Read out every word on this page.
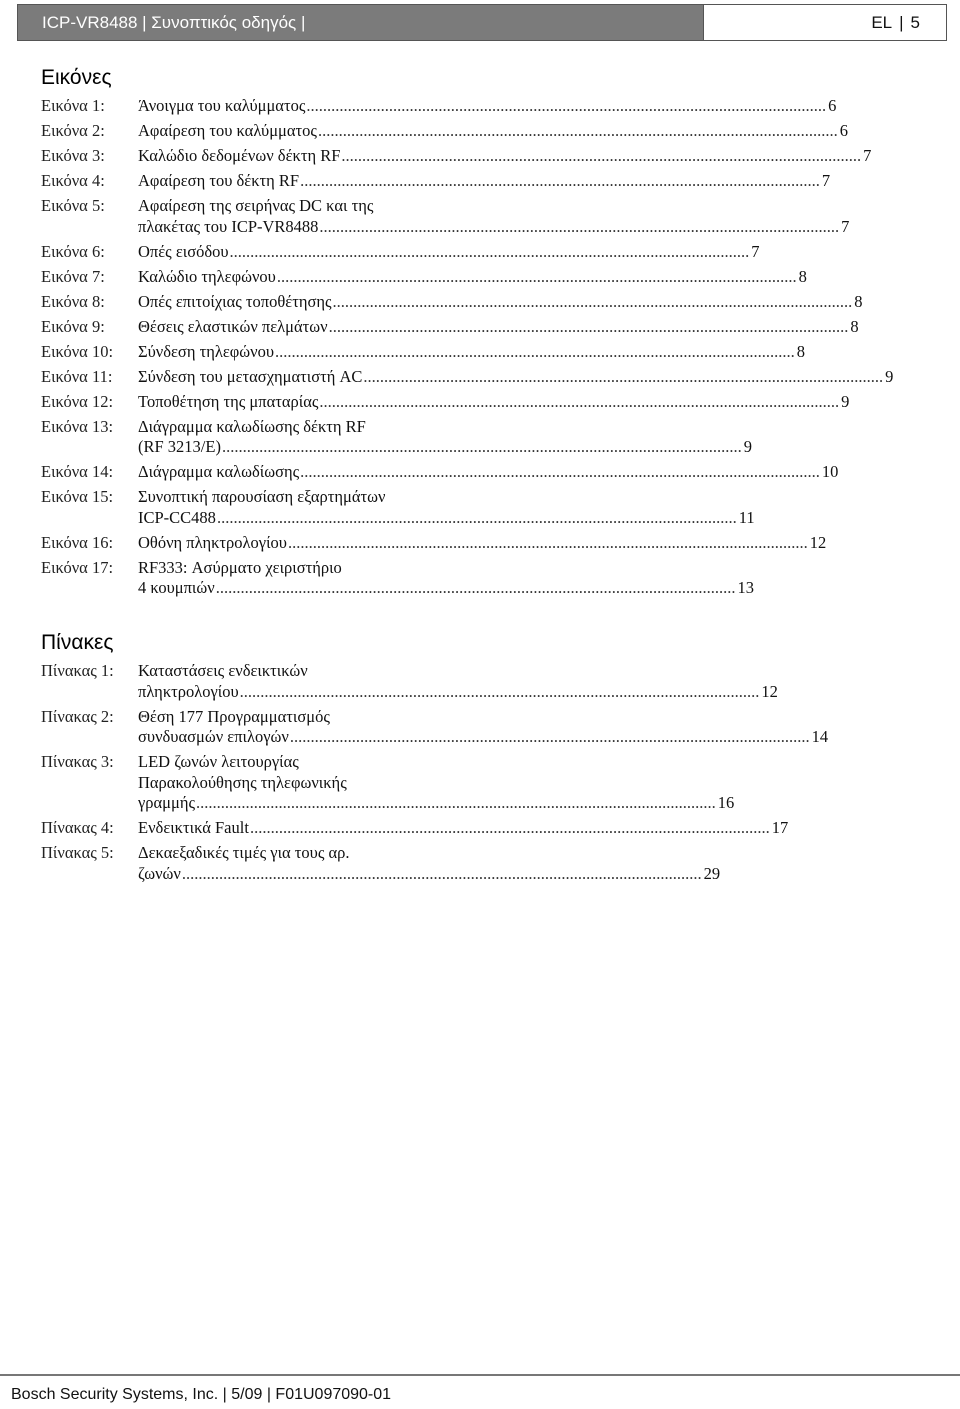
ICP-VR8488 | Συνοπτικός οδηγός |	EL | 5
Εικόνες
Εικόνα 1:	Άνοιγμα του καλύμματος .....	6
Εικόνα 2:	Αφαίρεση του καλύμματος .....	6
Εικόνα 3:	Καλώδιο δεδομένων δέκτη RF .....	7
Εικόνα 4:	Αφαίρεση του δέκτη RF .....	7
Εικόνα 5:	Αφαίρεση της σειρήνας DC και της
πλακέτας του ICP-VR8488 .....	7
Εικόνα 6:	Οπές εισόδου .....	7
Εικόνα 7:	Καλώδιο τηλεφώνου .....	8
Εικόνα 8:	Οπές επιτοίχιας τοποθέτησης .....	8
Εικόνα 9:	Θέσεις ελαστικών πελμάτων .....	8
Εικόνα 10:	Σύνδεση τηλεφώνου .....	8
Εικόνα 11:	Σύνδεση του μετασχηματιστή AC .....	9
Εικόνα 12:	Τοποθέτηση της μπαταρίας .....	9
Εικόνα 13:	Διάγραμμα καλωδίωσης δέκτη RF
(RF 3213/E) .....	9
Εικόνα 14:	Διάγραμμα καλωδίωσης .....	10
Εικόνα 15:	Συνοπτική παρουσίαση εξαρτημάτων
ICP-CC488 .....	11
Εικόνα 16:	Οθόνη πληκτρολογίου .....	12
Εικόνα 17:	RF333: Ασύρματο χειριστήριο
4 κουμπιών .....	13
Πίνακες
Πίνακας 1:	Καταστάσεις ενδεικτικών
πληκτρολογίου .....	12
Πίνακας 2:	Θέση 177 Προγραμματισμός
συνδυασμών επιλογών .....	14
Πίνακας 3:	LED ζωνών λειτουργίας
Παρακολούθησης τηλεφωνικής
γραμμής .....	16
Πίνακας 4:	Ενδεικτικά Fault .....	17
Πίνακας 5:	Δεκαεξαδικές τιμές για τους αρ.
ζωνών .....	29
Bosch Security Systems, Inc. | 5/09 | F01U097090-01
